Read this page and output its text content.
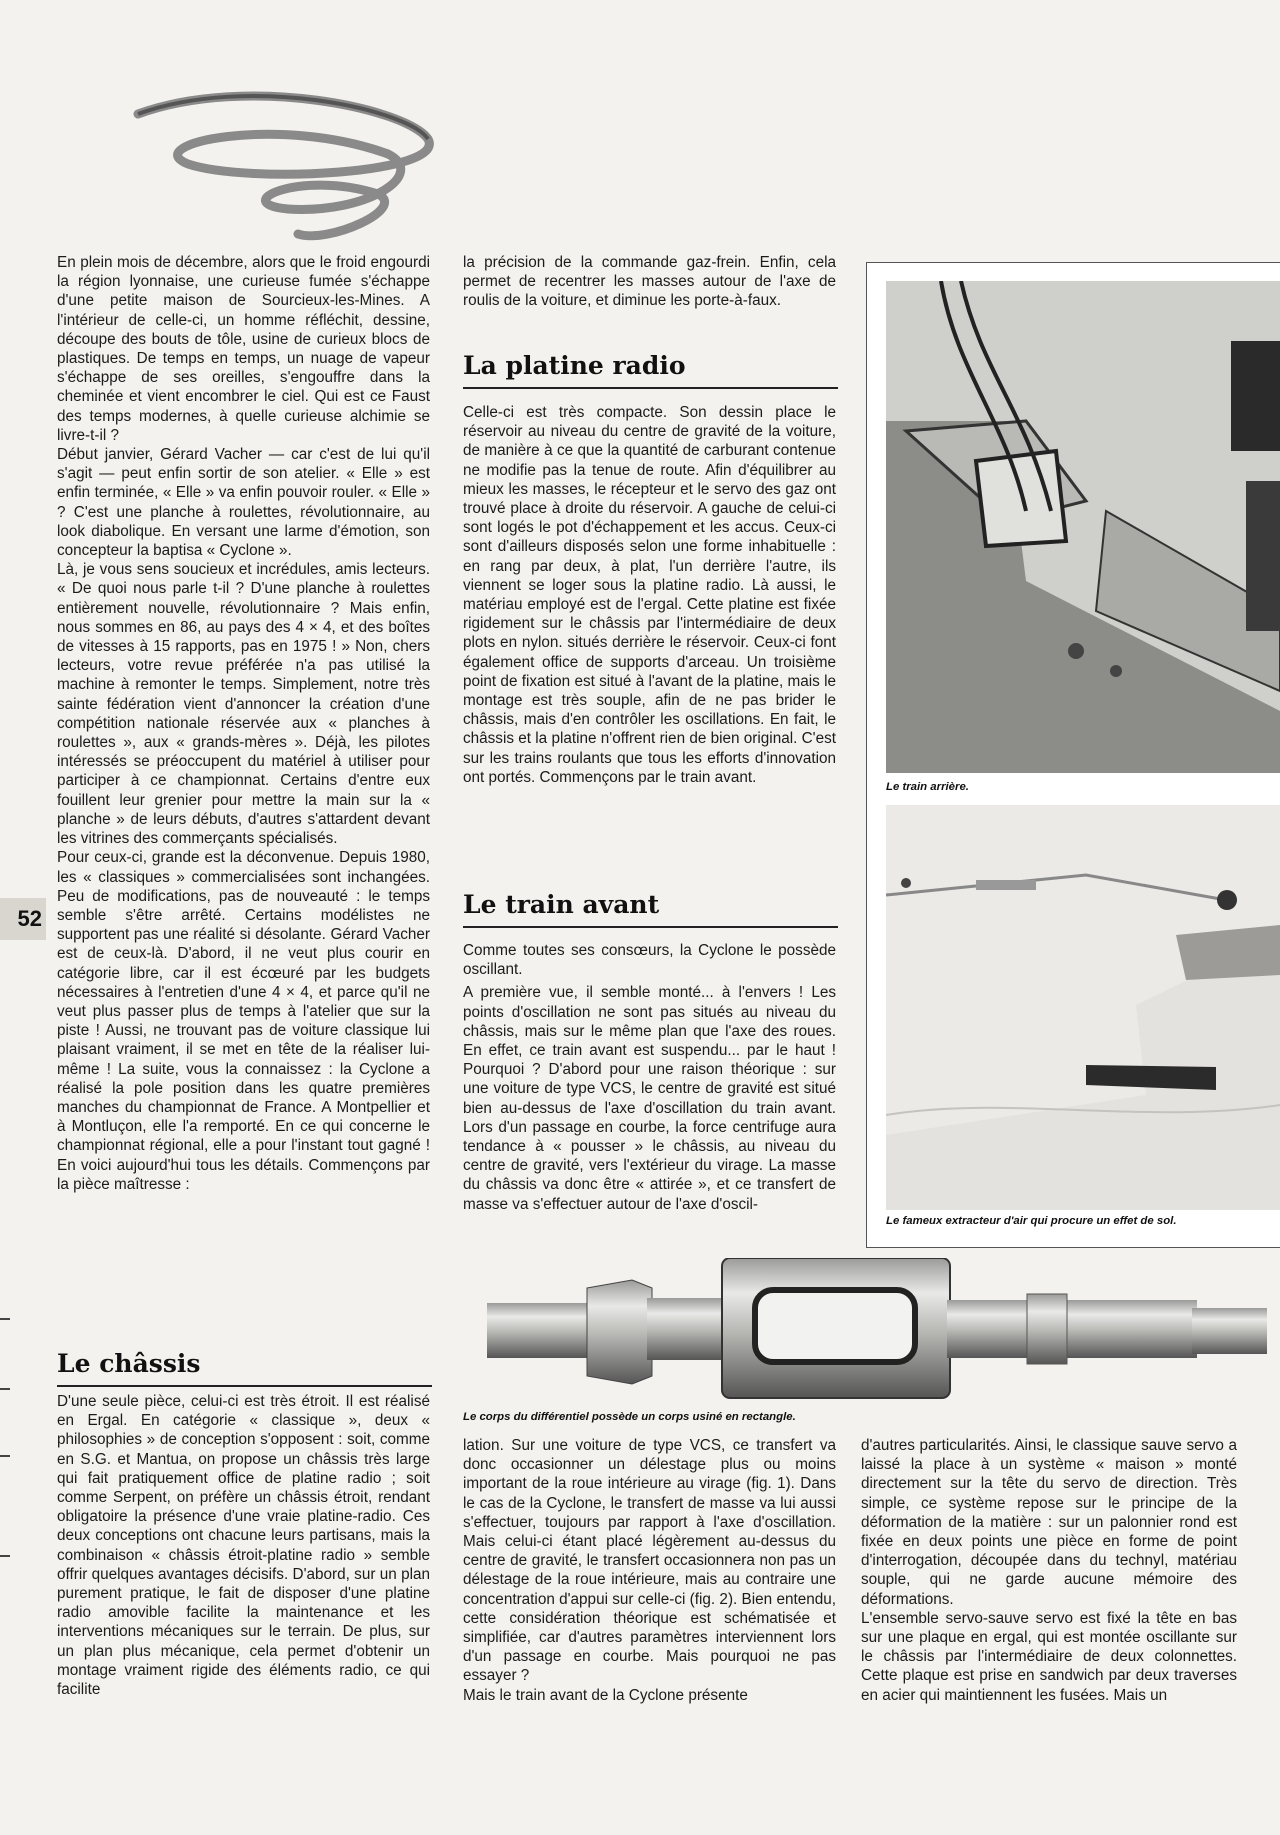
52

En plein mois de décembre, alors que le froid engourdi la région lyonnaise, une curieuse fumée s'échappe d'une petite maison de Sourcieux-les-Mines. A l'intérieur de celle-ci, un homme réfléchit, dessine, découpe des bouts de tôle, usine de curieux blocs de plastiques. De temps en temps, un nuage de vapeur s'échappe de ses oreilles, s'engouffre dans la cheminée et vient encombrer le ciel. Qui est ce Faust des temps modernes, à quelle curieuse alchimie se livre-t-il ?

Début janvier, Gérard Vacher — car c'est de lui qu'il s'agit — peut enfin sortir de son atelier. « Elle » est enfin terminée, « Elle » va enfin pouvoir rouler. « Elle » ? C'est une planche à roulettes, révolutionnaire, au look diabolique. En versant une larme d'émotion, son concepteur la baptisa « Cyclone ».

Là, je vous sens soucieux et incrédules, amis lecteurs. « De quoi nous parle t-il ? D'une planche à roulettes entièrement nouvelle, révolutionnaire ? Mais enfin, nous sommes en 86, au pays des 4 × 4, et des boîtes de vitesses à 15 rapports, pas en 1975 ! » Non, chers lecteurs, votre revue préférée n'a pas utilisé la machine à remonter le temps. Simplement, notre très sainte fédération vient d'annoncer la création d'une compétition nationale réservée aux « planches à roulettes », aux « grands-mères ». Déjà, les pilotes intéressés se préoccupent du matériel à utiliser pour participer à ce championnat. Certains d'entre eux fouillent leur grenier pour mettre la main sur la « planche » de leurs débuts, d'autres s'attardent devant les vitrines des commerçants spécialisés.

Pour ceux-ci, grande est la déconvenue. Depuis 1980, les « classiques » commercialisées sont inchangées. Peu de modifications, pas de nouveauté : le temps semble s'être arrêté. Certains modélistes ne supportent pas une réalité si désolante. Gérard Vacher est de ceux-là. D'abord, il ne veut plus courir en catégorie libre, car il est écœuré par les budgets nécessaires à l'entretien d'une 4 × 4, et parce qu'il ne veut plus passer plus de temps à l'atelier que sur la piste ! Aussi, ne trouvant pas de voiture classique lui plaisant vraiment, il se met en tête de la réaliser lui-même ! La suite, vous la connaissez : la Cyclone a réalisé la pole position dans les quatre premières manches du championnat de France. A Montpellier et à Montluçon, elle l'a remporté. En ce qui concerne le championnat régional, elle a pour l'instant tout gagné ! En voici aujourd'hui tous les détails. Commençons par la pièce maîtresse :

la précision de la commande gaz-frein. Enfin, cela permet de recentrer les masses autour de l'axe de roulis de la voiture, et diminue les porte-à-faux.

La platine radio

Celle-ci est très compacte. Son dessin place le réservoir au niveau du centre de gravité de la voiture, de manière à ce que la quantité de carburant contenue ne modifie pas la tenue de route. Afin d'équilibrer au mieux les masses, le récepteur et le servo des gaz ont trouvé place à droite du réservoir. A gauche de celui-ci sont logés le pot d'échappement et les accus. Ceux-ci sont d'ailleurs disposés selon une forme inhabituelle : en rang par deux, à plat, l'un derrière l'autre, ils viennent se loger sous la platine radio. Là aussi, le matériau employé est de l'ergal. Cette platine est fixée rigidement sur le châssis par l'intermédiaire de deux plots en nylon. situés derrière le réservoir. Ceux-ci font également office de supports d'arceau. Un troisième point de fixation est situé à l'avant de la platine, mais le montage est très souple, afin de ne pas brider le châssis, mais d'en contrôler les oscillations. En fait, le châssis et la platine n'offrent rien de bien original. C'est sur les trains roulants que tous les efforts d'innovation ont portés. Commençons par le train avant.

Le train avant

Comme toutes ses consœurs, la Cyclone le possède oscillant.

A première vue, il semble monté... à l'envers ! Les points d'oscillation ne sont pas situés au niveau du châssis, mais sur le même plan que l'axe des roues. En effet, ce train avant est suspendu... par le haut ! Pourquoi ? D'abord pour une raison théorique : sur une voiture de type VCS, le centre de gravité est situé bien au-dessus de l'axe d'oscillation du train avant. Lors d'un passage en courbe, la force centrifuge aura tendance à « pousser » le châssis, au niveau du centre de gravité, vers l'extérieur du virage. La masse du châssis va donc être « attirée », et ce transfert de masse va s'effectuer autour de l'axe d'oscil-

Le train arrière.

Le fameux extracteur d'air qui procure un effet de sol.

Le corps du différentiel possède un corps usiné en rectangle.

Le châssis

D'une seule pièce, celui-ci est très étroit. Il est réalisé en Ergal. En catégorie « classique », deux « philosophies » de conception s'opposent : soit, comme en S.G. et Mantua, on propose un châssis très large qui fait pratiquement office de platine radio ; soit comme Serpent, on préfère un châssis étroit, rendant obligatoire la présence d'une vraie platine-radio. Ces deux conceptions ont chacune leurs partisans, mais la combinaison « châssis étroit-platine radio » semble offrir quelques avantages décisifs. D'abord, sur un plan purement pratique, le fait de disposer d'une platine radio amovible facilite la maintenance et les interventions mécaniques sur le terrain. De plus, sur un plan plus mécanique, cela permet d'obtenir un montage vraiment rigide des éléments radio, ce qui facilite

lation. Sur une voiture de type VCS, ce transfert va donc occasionner un délestage plus ou moins important de la roue intérieure au virage (fig. 1). Dans le cas de la Cyclone, le transfert de masse va lui aussi s'effectuer, toujours par rapport à l'axe d'oscillation. Mais celui-ci étant placé légèrement au-dessus du centre de gravité, le transfert occasionnera non pas un délestage de la roue intérieure, mais au contraire une concentration d'appui sur celle-ci (fig. 2). Bien entendu, cette considération théorique est schématisée et simplifiée, car d'autres paramètres interviennent lors d'un passage en courbe. Mais pourquoi ne pas essayer ?

Mais le train avant de la Cyclone présente

d'autres particularités. Ainsi, le classique sauve servo a laissé la place à un système « maison » monté directement sur la tête du servo de direction. Très simple, ce système repose sur le principe de la déformation de la matière : sur un palonnier rond est fixée en deux points une pièce en forme de point d'interrogation, découpée dans du technyl, matériau souple, qui ne garde aucune mémoire des déformations.

L'ensemble servo-sauve servo est fixé la tête en bas sur une plaque en ergal, qui est montée oscillante sur le châssis par l'intermédiaire de deux colonnettes. Cette plaque est prise en sandwich par deux traverses en acier qui maintiennent les fusées. Mais un
